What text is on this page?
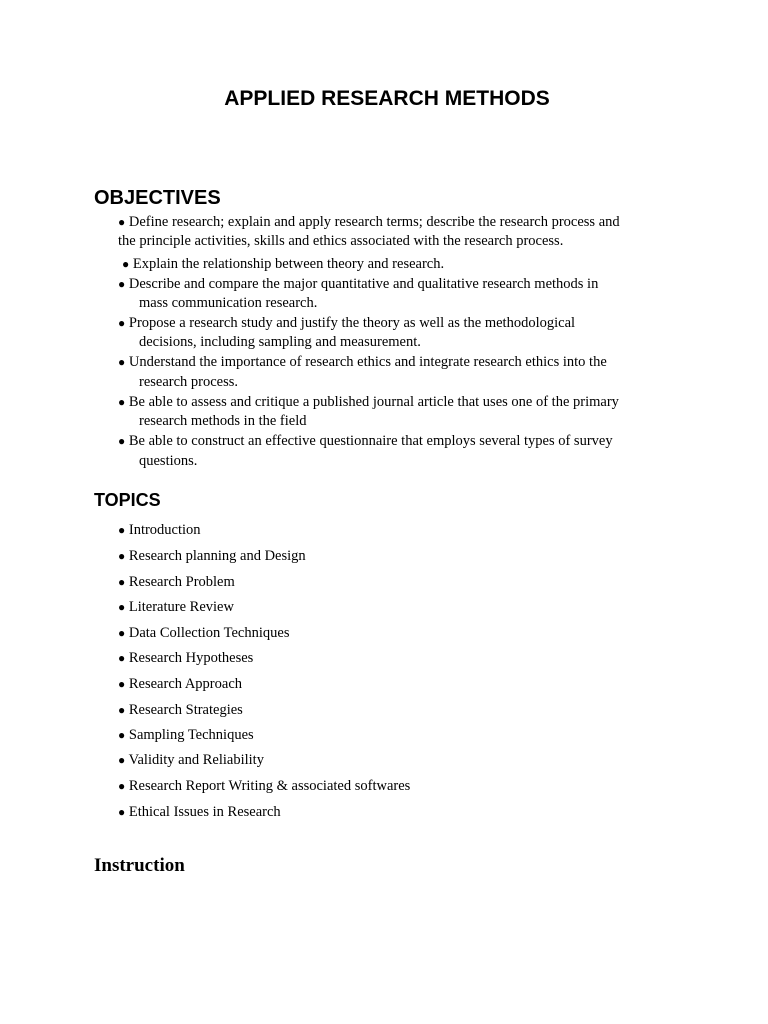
APPLIED RESEARCH METHODS
OBJECTIVES
● Define research; explain and apply research terms; describe the research process and
the principle activities, skills and ethics associated with the research process.
● Explain the relationship between theory and research.
● Describe and compare the major quantitative and qualitative research methods in
mass communication research.
● Propose a research study and justify the theory as well as the methodological
decisions, including sampling and measurement.
● Understand the importance of research ethics and integrate research ethics into the
research process.
● Be able to assess and critique a published journal article that uses one of the primary
research methods in the field
● Be able to construct an effective questionnaire that employs several types of survey
questions.
TOPICS
● Introduction
● Research planning and Design
● Research Problem
● Literature Review
● Data Collection Techniques
● Research Hypotheses
● Research Approach
● Research Strategies
● Sampling Techniques
● Validity and Reliability
● Research Report Writing & associated softwares
● Ethical Issues in Research
Instruction
